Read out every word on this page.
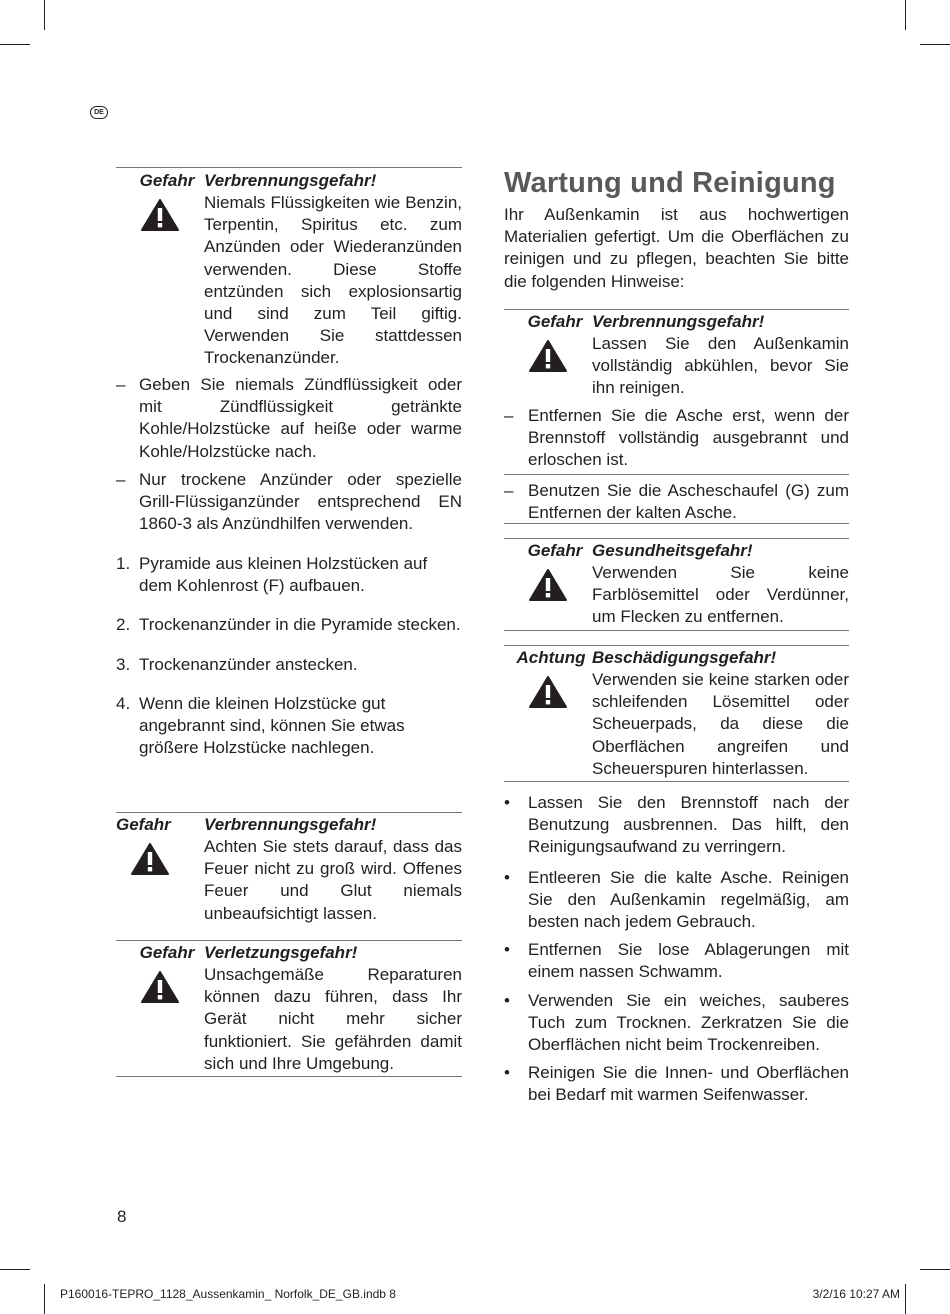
DE
Gefahr Verbrennungsgefahr!

Niemals Flüssigkeiten wie Benzin, Terpentin, Spiritus etc. zum Anzünden oder Wiederanzünden verwenden. Diese Stoffe entzünden sich explosionsartig und sind zum Teil giftig. Verwenden Sie stattdessen Trockenanzünder.

– Geben Sie niemals Zündflüssigkeit oder mit Zündflüssigkeit getränkte Kohle/Holzstücke auf heiße oder warme Kohle/Holzstücke nach.
– Nur trockene Anzünder oder spezielle Grill-Flüssiganzünder entsprechend EN 1860-3 als Anzündhilfen verwenden.
1. Pyramide aus kleinen Holzstücken auf dem Kohlenrost (F) aufbauen.
2. Trockenanzünder in die Pyramide stecken.
3. Trockenanzünder anstecken.
4. Wenn die kleinen Holzstücke gut angebrannt sind, können Sie etwas größere Holzstücke nachlegen.
Gefahr Verbrennungsgefahr!

Achten Sie stets darauf, dass das Feuer nicht zu groß wird. Offenes Feuer und Glut niemals unbeaufsichtigt lassen.

Gefahr Verletzungsgefahr!

Unsachgemäße Reparaturen können dazu führen, dass Ihr Gerät nicht mehr sicher funktioniert. Sie gefährden damit sich und Ihre Umgebung.

Wartung und Reinigung

Ihr Außenkamin ist aus hochwertigen Materialien gefertigt. Um die Oberflächen zu reinigen und zu pflegen, beachten Sie bitte die folgenden Hinweise:

Gefahr Verbrennungsgefahr!

Lassen Sie den Außenkamin vollständig abkühlen, bevor Sie ihn reinigen.

– Entfernen Sie die Asche erst, wenn der Brennstoff vollständig ausgebrannt und erloschen ist.
– Benutzen Sie die Ascheschaufel (G) zum Entfernen der kalten Asche.
Gefahr Gesundheitsgefahr!

Verwenden Sie keine Farblösemittel oder Verdünner, um Flecken zu entfernen.

Achtung Beschädigungsgefahr!

Verwenden sie keine starken oder schleifenden Lösemittel oder Scheuerpads, da diese die Oberflächen angreifen und Scheuerspuren hinterlassen.

•	Lassen Sie den Brennstoff nach der Benutzung ausbrennen. Das hilft, den Reinigungsaufwand zu verringern.
•	Entleeren Sie die kalte Asche. Reinigen Sie den Außenkamin regelmäßig, am besten nach jedem Gebrauch.
•	Entfernen Sie lose Ablagerungen mit einem nassen Schwamm.
•	Verwenden Sie ein weiches, sauberes Tuch zum Trocknen. Zerkratzen Sie die Oberflächen nicht beim Trockenreiben.
•	Reinigen Sie die Innen- und Oberflächen bei Bedarf mit warmen Seifenwasser.
8
P160016-TEPRO_1128_Aussenkamin_ Norfolk_DE_GB.indb 8	3/2/16 10:27 AM
